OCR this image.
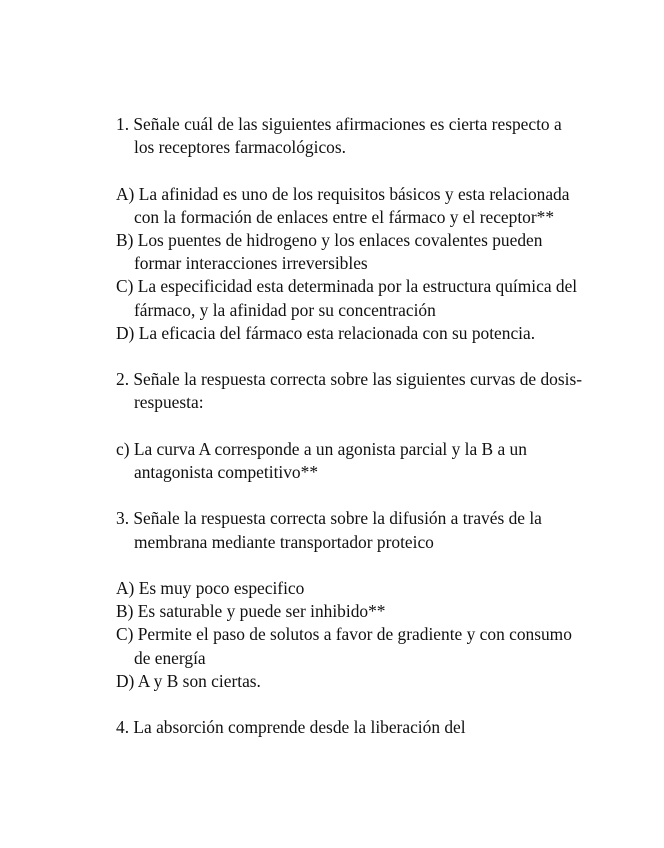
1. Señale cuál de las siguientes afirmaciones es cierta respecto a los receptores farmacológicos.

A) La afinidad es uno de los requisitos básicos y esta relacionada con la formación de enlaces entre el fármaco y el receptor**

B) Los puentes de hidrogeno y los enlaces covalentes pueden formar interacciones irreversibles

C) La especificidad esta determinada por la estructura química del fármaco, y la afinidad por su concentración

D) La eficacia del fármaco esta relacionada con su potencia.

2. Señale la respuesta correcta sobre las siguientes curvas de dosis-respuesta:

c) La curva A corresponde a un agonista parcial y la B a un antagonista competitivo**

3. Señale la respuesta correcta sobre la difusión a través de la membrana mediante transportador proteico

A) Es muy poco especifico

B) Es saturable y puede ser inhibido**

C) Permite el paso de solutos a favor de gradiente y con consumo de energía

D) A y B son ciertas.

4. La absorción comprende desde la liberación del
